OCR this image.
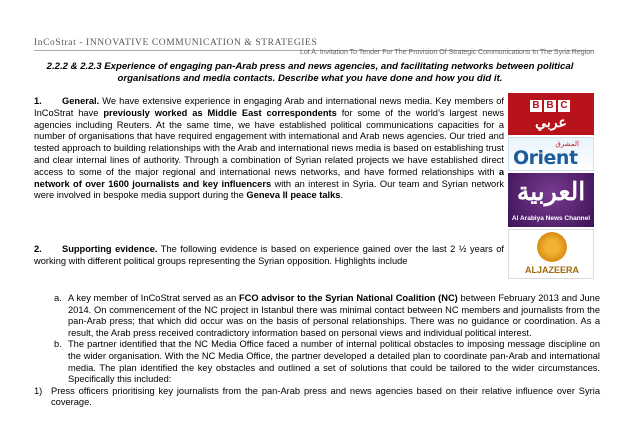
InCoStrat - INNOVATIVE COMMUNICATION & STRATEGIES
Lot A: Invitation To Tender For The Provision Of Strategic Communications In The Syria Region
2.2.2 & 2.2.3 Experience of engaging pan-Arab press and news agencies, and facilitating networks between political organisations and media contacts. Describe what you have done and how you did it.
1. General. We have extensive experience in engaging Arab and international news media. Key members of InCoStrat have previously worked as Middle East correspondents for some of the world’s largest news agencies including Reuters. At the same time, we have established political communications capacities for a number of organisations that have required engagement with international and Arab news agencies. Our tried and tested approach to building relationships with the Arab and international news media is based on establishing trust and clear internal lines of authority. Through a combination of Syrian related projects we have established direct access to some of the major regional and international news networks, and have formed relationships with a network of over 1600 journalists and key influencers with an interest in Syria. Our team and Syrian network were involved in bespoke media support during the Geneva II peace talks.
2. Supporting evidence. The following evidence is based on experience gained over the last 2 ½ years of working with different political groups representing the Syrian opposition. Highlights include
a. A key member of InCoStrat served as an FCO advisor to the Syrian National Coalition (NC) between February 2013 and June 2014. On commencement of the NC project in Istanbul there was minimal contact between NC members and journalists from the pan-Arab press; that which did occur was on the basis of personal relationships. There was no guidance or coordination. As a result, the Arab press received contradictory information based on personal views and individual political interest.
b. The partner identified that the NC Media Office faced a number of internal political obstacles to imposing message discipline on the wider organisation. With the NC Media Office, the partner developed a detailed plan to coordinate pan-Arab and international media. The plan identified the key obstacles and outlined a set of solutions that could be tailored to the wider circumstances. Specifically this included:
1) Press officers prioritising key journalists from the pan-Arab press and news agencies based on their relative influence over Syria coverage.
B B C
عربي
المشرق
Orient
العربية
Al Arabiya News Channel
ALJAZEERA
